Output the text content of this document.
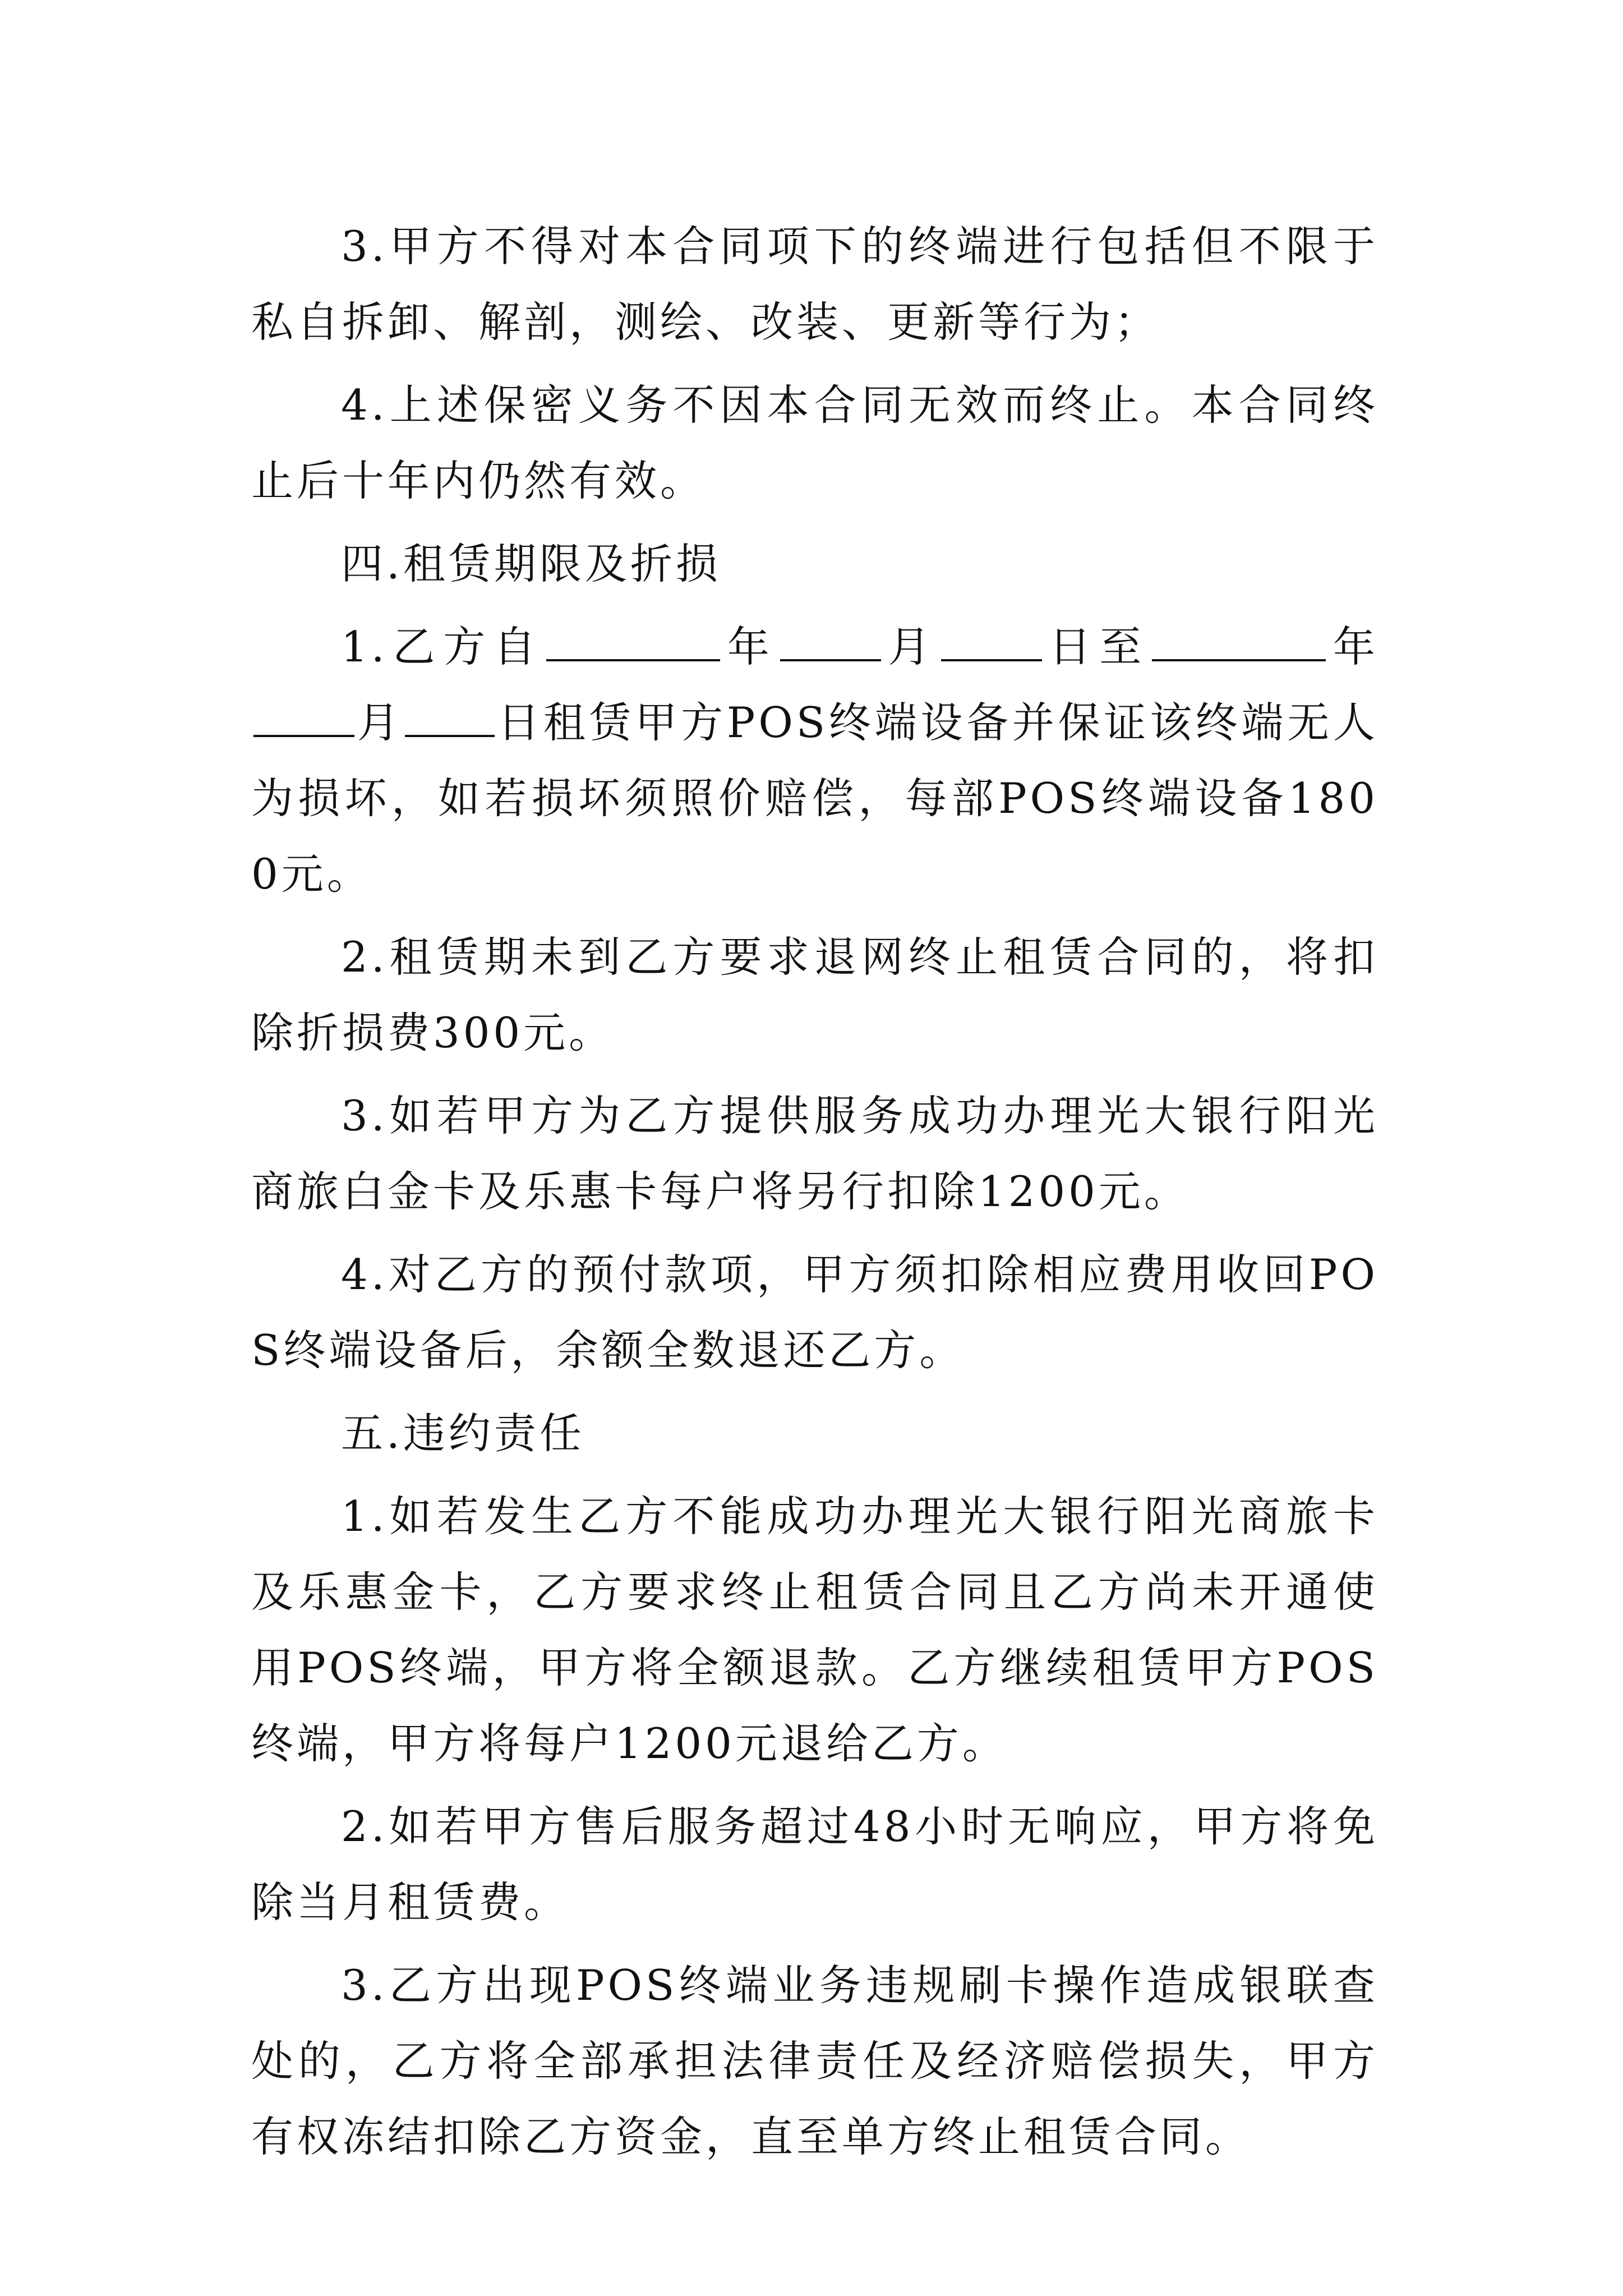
3.甲方不得对本合同项下的终端进行包括但不限于私自拆卸、解剖，测绘、改装、更新等行为；

4.上述保密义务不因本合同无效而终止。本合同终止后十年内仍然有效。

四.租赁期限及折损

1.乙方自	年	月	日至	年月 日租赁甲方POS终端设备并保证该终端无人为损坏，如若损坏须照价赔偿，每部POS终端设备1800元。

2.租赁期未到乙方要求退网终止租赁合同的，将扣除折损费300元。

3.如若甲方为乙方提供服务成功办理光大银行阳光商旅白金卡及乐惠卡每户将另行扣除1200元。

4.对乙方的预付款项，甲方须扣除相应费用收回POS终端设备后，余额全数退还乙方。

五.违约责任

1.如若发生乙方不能成功办理光大银行阳光商旅卡及乐惠金卡，乙方要求终止租赁合同且乙方尚未开通使用POS终端，甲方将全额退款。乙方继续租赁甲方POS终端，甲方将每户1200元退给乙方。

2.如若甲方售后服务超过48小时无响应，甲方将免除当月租赁费。

3.乙方出现POS终端业务违规刷卡操作造成银联查处的，乙方将全部承担法律责任及经济赔偿损失，甲方有权冻结扣除乙方资金，直至单方终止租赁合同。
